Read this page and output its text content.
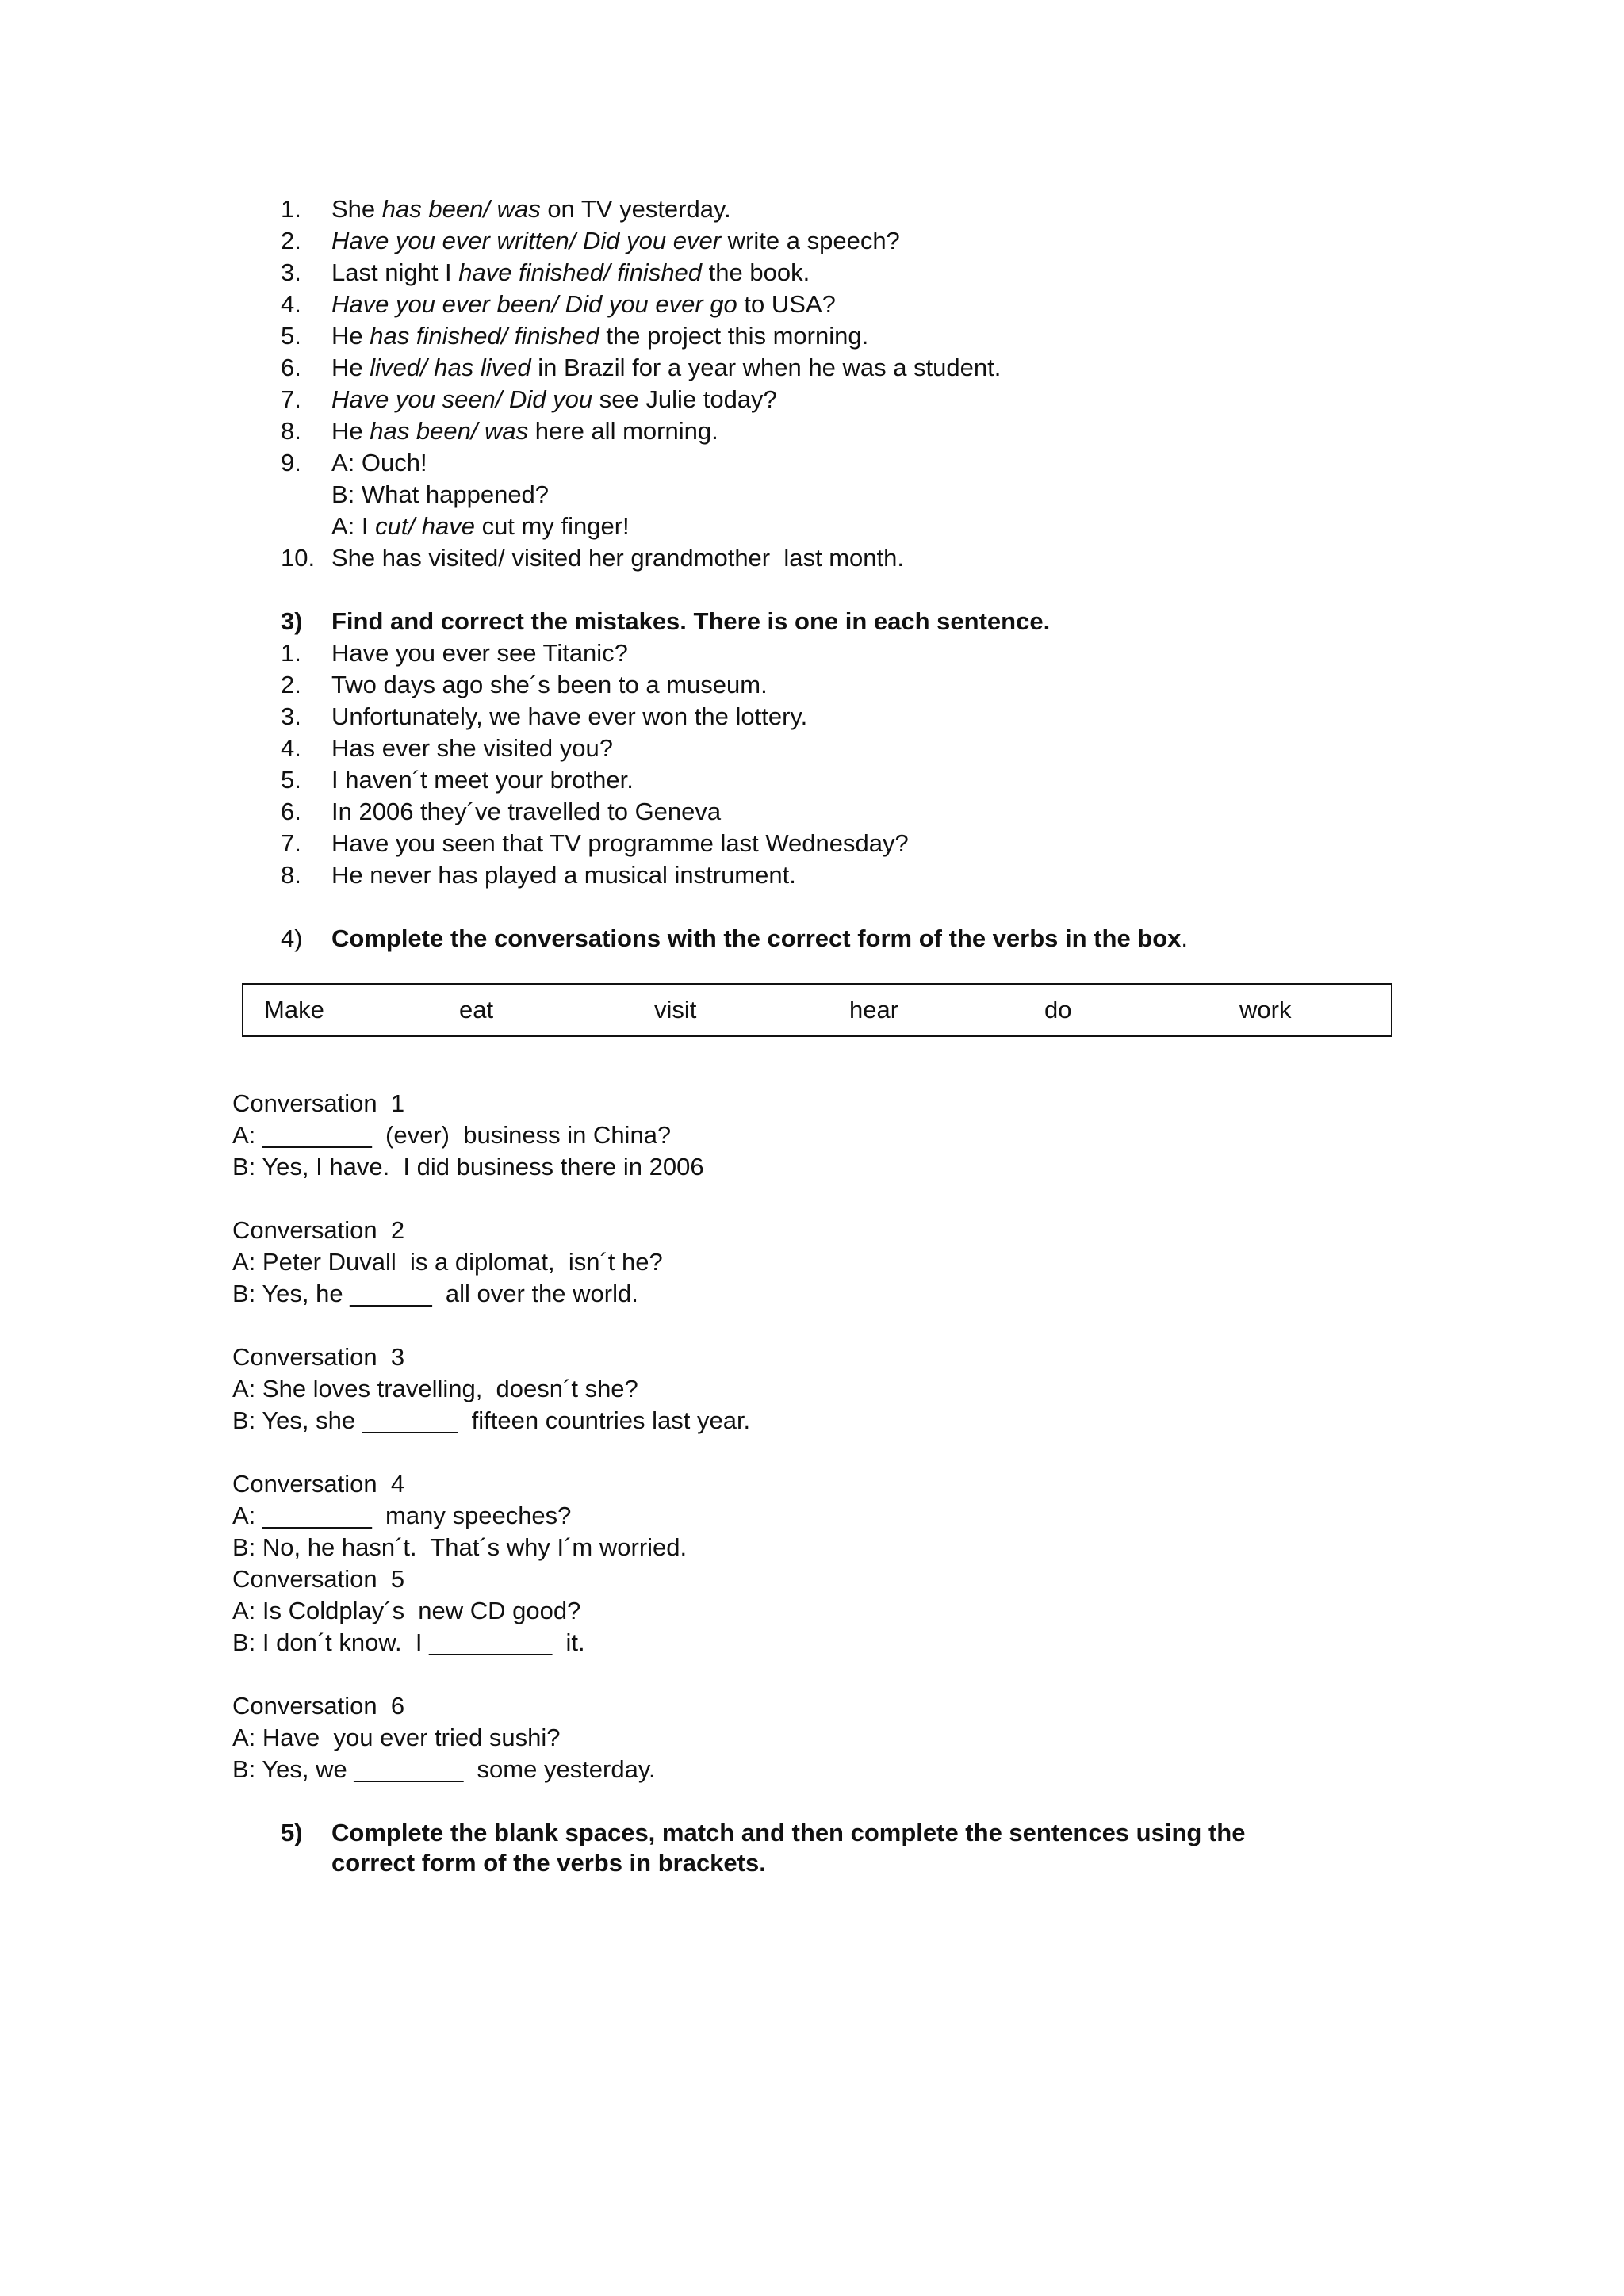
1. She has been/ was on TV yesterday.
2. Have you ever written/ Did you ever write a speech?
3. Last night I have finished/ finished the book.
4. Have you ever been/ Did you ever go to USA?
5. He has finished/ finished the project this morning.
6. He lived/ has lived in Brazil for a year when he was a student.
7. Have you seen/ Did you see Julie today?
8. He has been/ was here all morning.
9. A: Ouch!
B: What happened?
A: I cut/ have cut my finger!
10. She has visited/ visited her grandmother  last month.
3) Find and correct the mistakes. There is one in each sentence.
1. Have you ever see Titanic?
2. Two days ago she´s been to a museum.
3. Unfortunately, we have ever won the lottery.
4. Has ever she visited you?
5. I haven´t meet your brother.
6. In 2006 they´ve travelled to Geneva
7. Have you seen that TV programme last Wednesday?
8. He never has played a musical instrument.
4) Complete the conversations with the correct form of the verbs in the box.
Make	eat	visit	hear	do	work
Conversation  1
A: ________  (ever)  business in China?
B: Yes, I have.  I did business there in 2006
Conversation  2
A: Peter Duvall  is a diplomat,  isn´t he?
B: Yes, he ______  all over the world.
Conversation  3
A: She loves travelling,  doesn´t she?
B: Yes, she _______  fifteen countries last year.
Conversation  4
A: ________  many speeches?
B: No, he hasn´t.  That´s why I´m worried.
Conversation  5
A: Is Coldplay´s  new CD good?
B: I don´t know.  I _________  it.
Conversation  6
A: Have  you ever tried sushi?
B: Yes, we ________  some yesterday.
5) Complete the blank spaces, match and then complete the sentences using the
correct form of the verbs in brackets.
